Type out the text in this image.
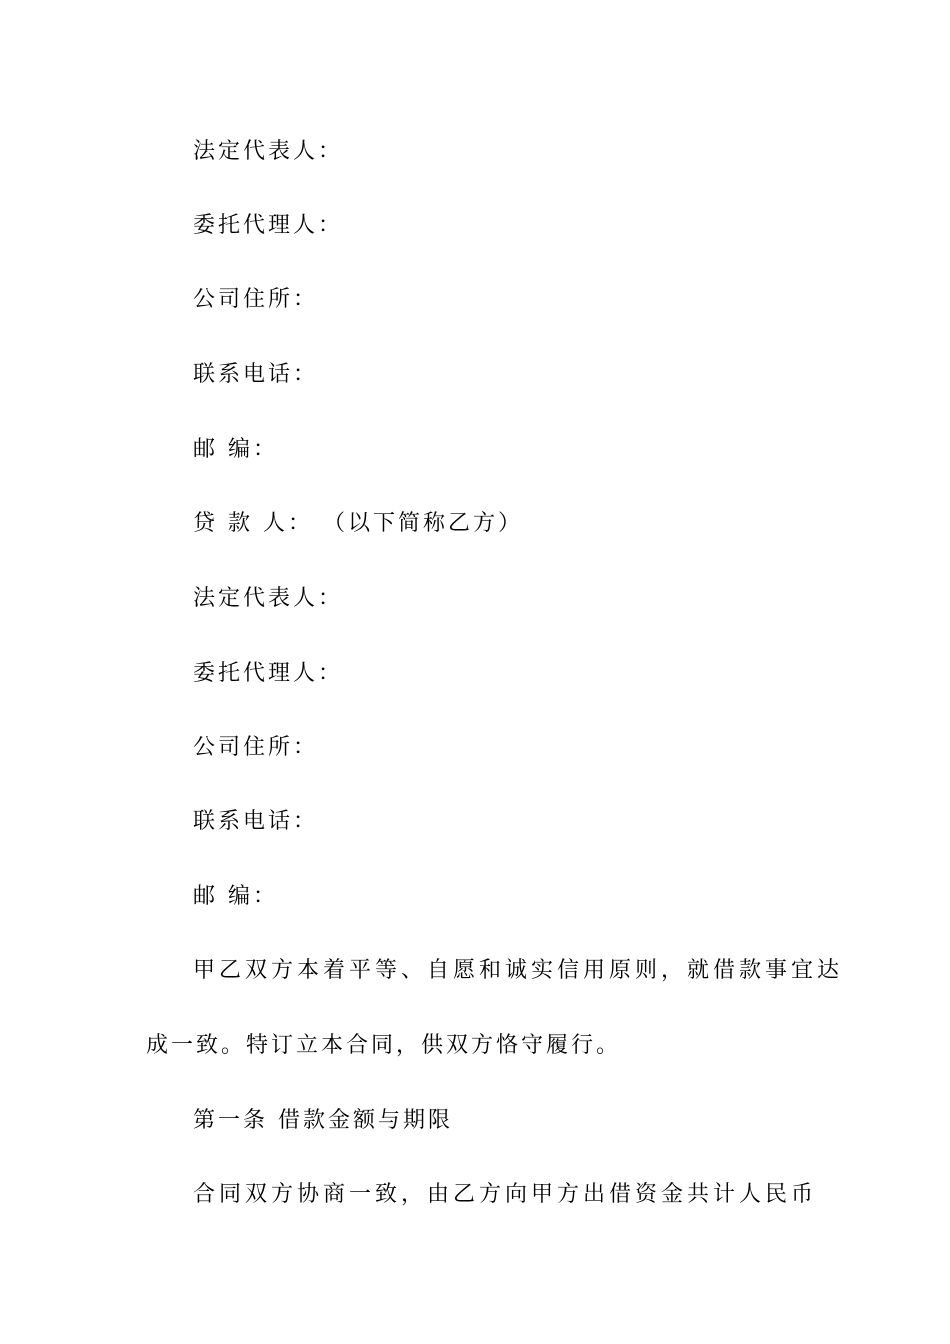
法定代表人：
委托代理人：
公司住所：
联系电话：
邮 编：
贷 款 人： （以下简称乙方）
法定代表人：
委托代理人：
公司住所：
联系电话：
邮 编：
甲乙双方本着平等、自愿和诚实信用原则，就借款事宜达
成一致。特订立本合同，供双方恪守履行。
第一条 借款金额与期限
合同双方协商一致，由乙方向甲方出借资金共计人民币
